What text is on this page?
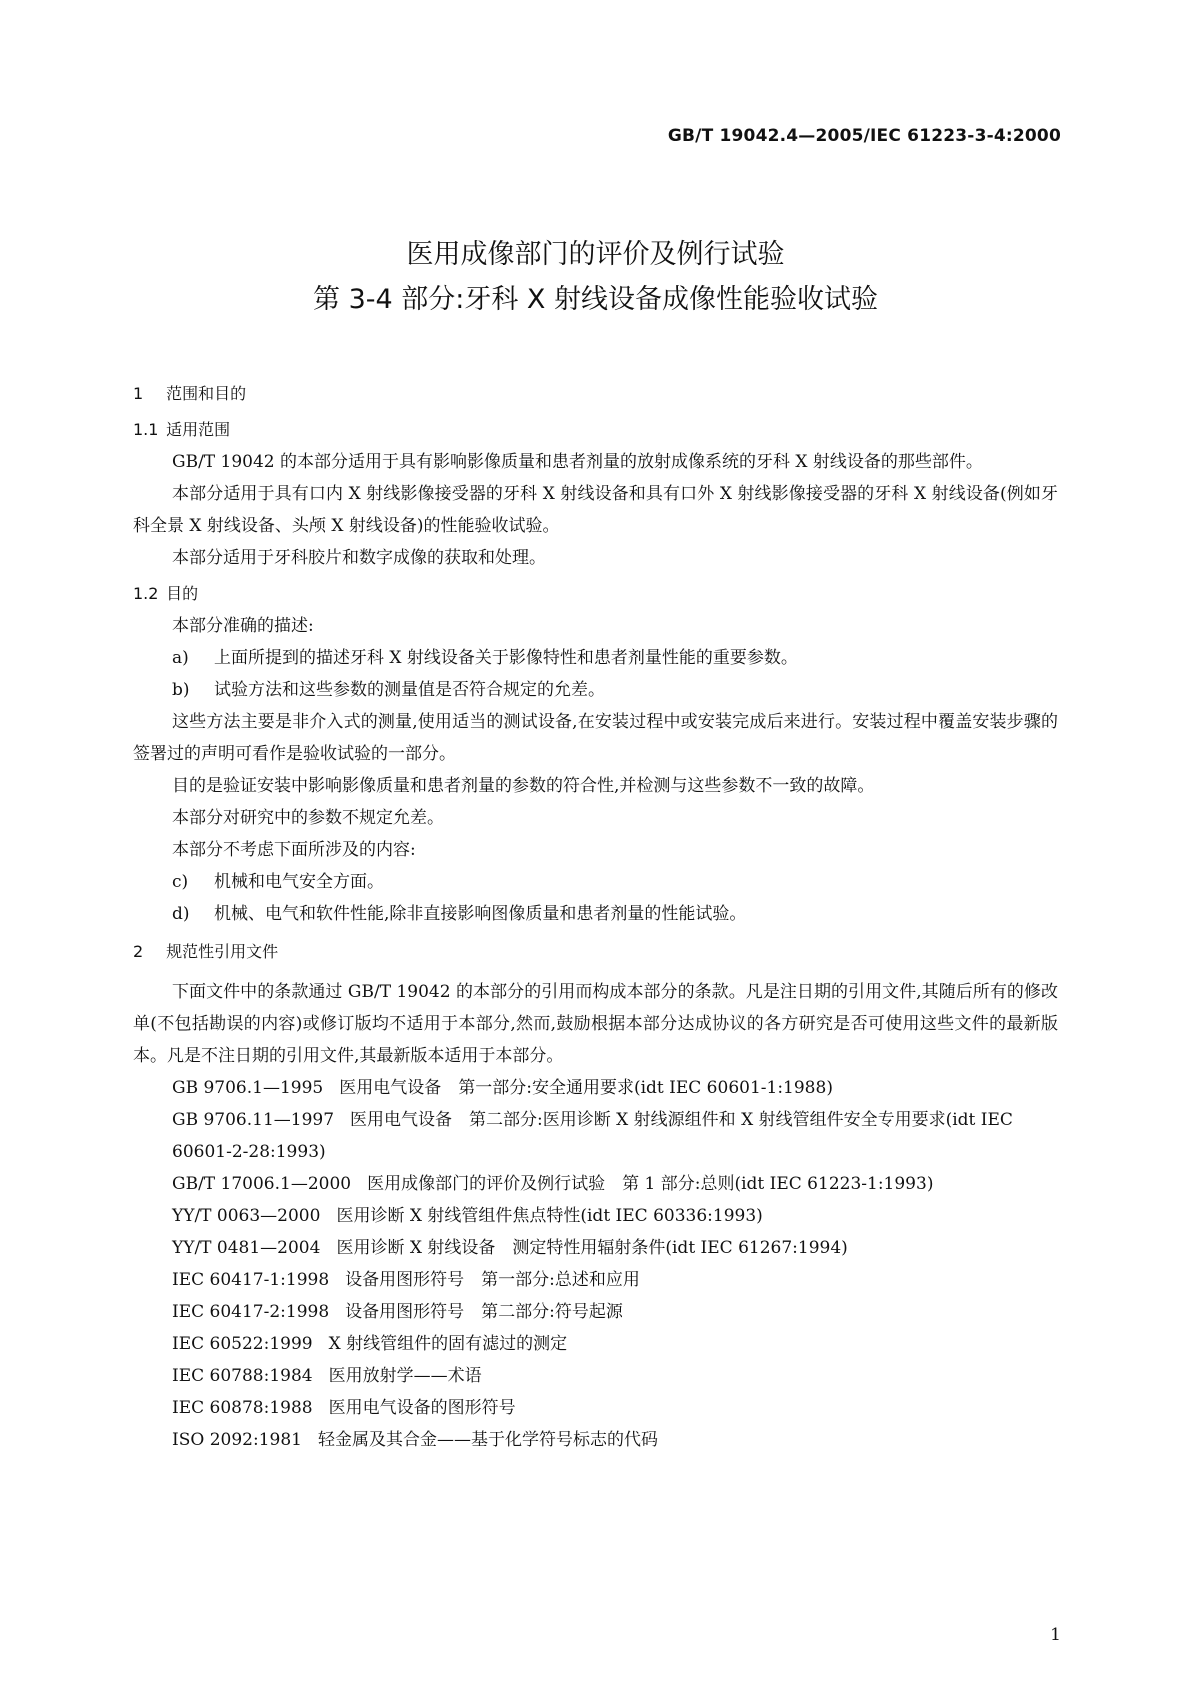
GB/T 19042.4—2005/IEC 61223-3-4:2000
医用成像部门的评价及例行试验
第 3-4 部分:牙科 X 射线设备成像性能验收试验
1 范围和目的
1.1 适用范围
GB/T 19042 的本部分适用于具有影响影像质量和患者剂量的放射成像系统的牙科 X 射线设备的那些部件。
本部分适用于具有口内 X 射线影像接受器的牙科 X 射线设备和具有口外 X 射线影像接受器的牙科 X 射线设备(例如牙科全景 X 射线设备、头颅 X 射线设备)的性能验收试验。
本部分适用于牙科胶片和数字成像的获取和处理。
1.2 目的
本部分准确的描述:
a) 上面所提到的描述牙科 X 射线设备关于影像特性和患者剂量性能的重要参数。
b) 试验方法和这些参数的测量值是否符合规定的允差。
这些方法主要是非介入式的测量,使用适当的测试设备,在安装过程中或安装完成后来进行。安装过程中覆盖安装步骤的签署过的声明可看作是验收试验的一部分。
目的是验证安装中影响影像质量和患者剂量的参数的符合性,并检测与这些参数不一致的故障。
本部分对研究中的参数不规定允差。
本部分不考虑下面所涉及的内容:
c) 机械和电气安全方面。
d) 机械、电气和软件性能,除非直接影响图像质量和患者剂量的性能试验。
2 规范性引用文件
下面文件中的条款通过 GB/T 19042 的本部分的引用而构成本部分的条款。凡是注日期的引用文件,其随后所有的修改单(不包括勘误的内容)或修订版均不适用于本部分,然而,鼓励根据本部分达成协议的各方研究是否可使用这些文件的最新版本。凡是不注日期的引用文件,其最新版本适用于本部分。
GB 9706.1—1995 医用电气设备　第一部分:安全通用要求(idt IEC 60601-1:1988)
GB 9706.11—1997 医用电气设备　第二部分:医用诊断 X 射线源组件和 X 射线管组件安全专用要求(idt IEC 60601-2-28:1993)
GB/T 17006.1—2000 医用成像部门的评价及例行试验　第 1 部分:总则(idt IEC 61223-1:1993)
YY/T 0063—2000 医用诊断 X 射线管组件焦点特性(idt IEC 60336:1993)
YY/T 0481—2004 医用诊断 X 射线设备　测定特性用辐射条件(idt IEC 61267:1994)
IEC 60417-1:1998 设备用图形符号　第一部分:总述和应用
IEC 60417-2:1998 设备用图形符号　第二部分:符号起源
IEC 60522:1999 X 射线管组件的固有滤过的测定
IEC 60788:1984 医用放射学——术语
IEC 60878:1988 医用电气设备的图形符号
ISO 2092:1981 轻金属及其合金——基于化学符号标志的代码
1
